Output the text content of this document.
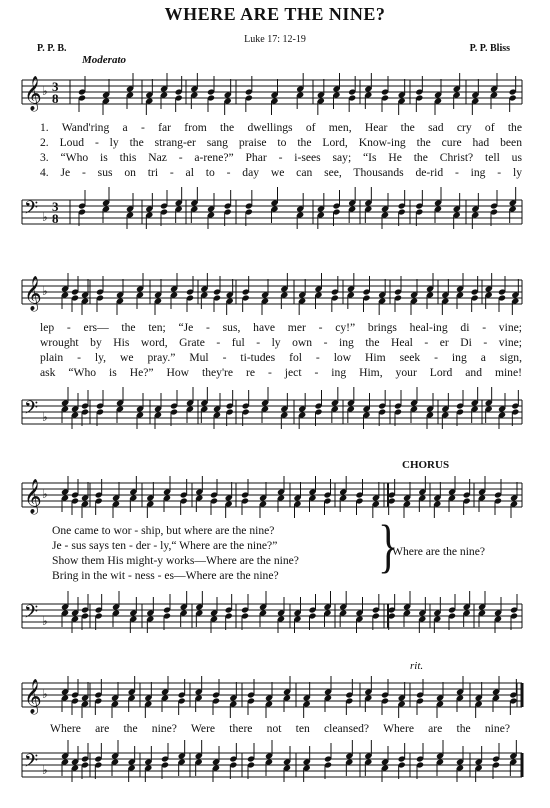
WHERE ARE THE NINE?
Luke 17: 12-19
P. P. B.	P. P. Bliss
Moderato
𝄞 ♭ 3
8
1. Wand'ring a - far from the dwellings of men, Hear the sad cry of the
2. Loud - ly the strang-er sang praise to the Lord, Know-ing the cure had been
3. “Who is this Naz - a-rene?” Phar - i-sees say; “Is He the Christ? tell us
4. Je - sus on tri - al to - day we can see, Thousands de-rid - ing - ly
𝄢 ♭
3
8
𝄞 ♭
lep - ers— the ten; “Je - sus, have mer - cy!” brings heal-ing di - vine;
wrought by His word, Grate - ful - ly own - ing the Heal - er Di - vine;
plain - ly, we pray.” Mul - ti-tudes fol - low Him seek - ing a sign,
ask “Who is He?” How they're re - ject - ing Him, your Lord and mine!
𝄢 ♭
CHORUS
𝄞 ♭
One came to wor - ship, but where are the nine?
Je - sus says ten - der - ly,“ Where are the nine?”
Show them His might-y works—Where are the nine?
Bring in the wit - ness - es—Where are the nine?	}
Where are the nine?
𝄢 ♭
rit.
𝄞 ♭
Where are the nine? Were there not ten cleansed? Where are the nine?
𝄢 ♭
